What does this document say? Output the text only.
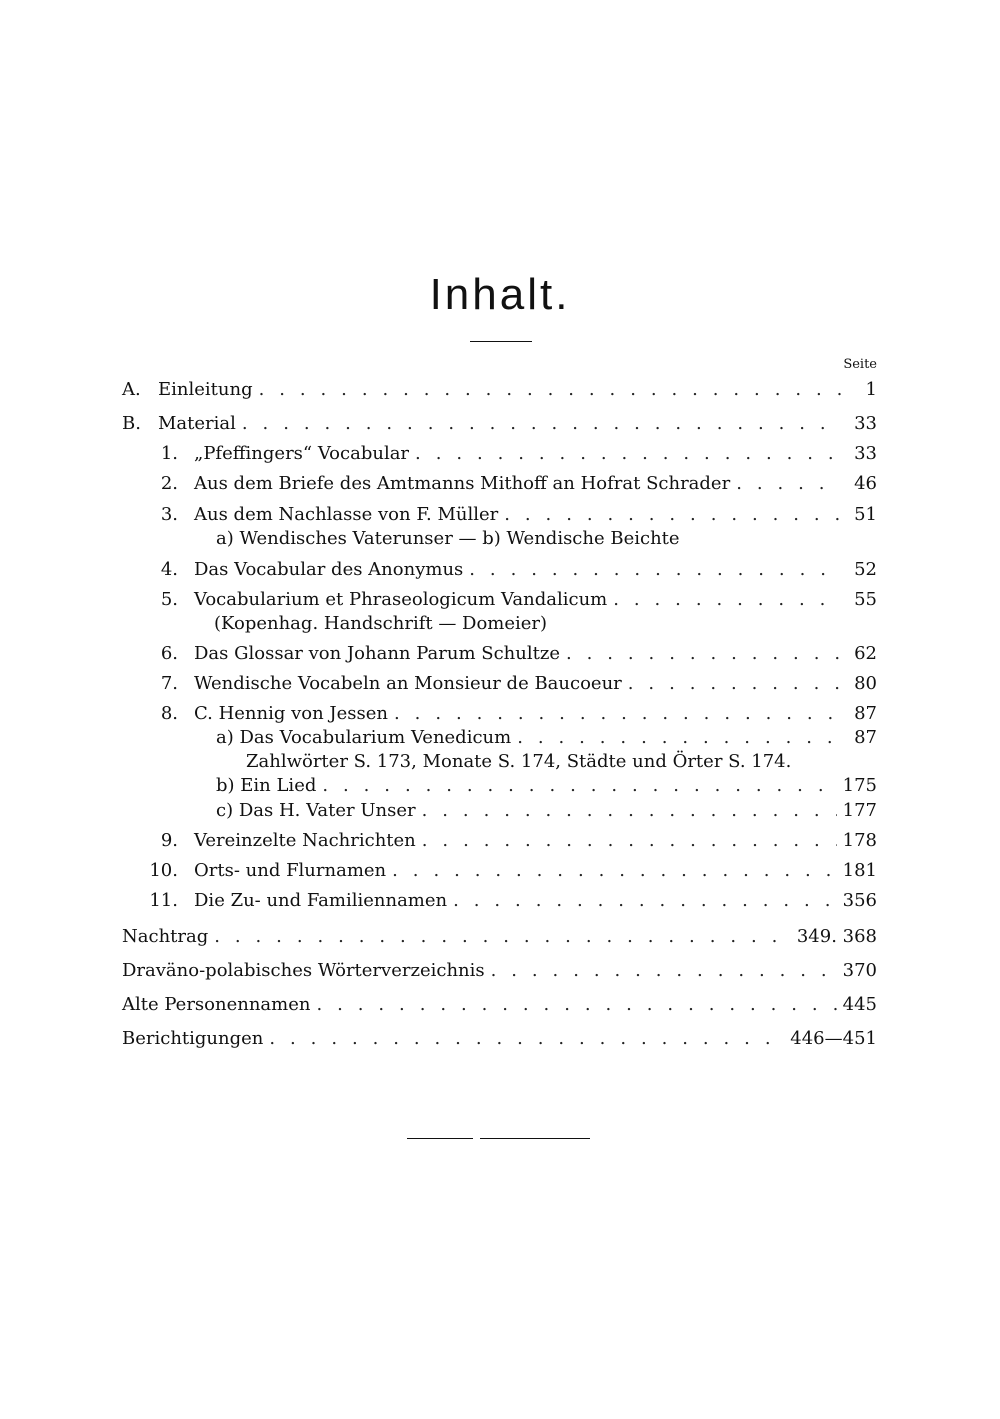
Inhalt.
Seite
A. Einleitung . . .	1
B. Material . . .	33
1. „Pfeffingers“ Vocabular . . .	33
2. Aus dem Briefe des Amtmanns Mithoff an Hofrat Schrader . . .	46
3. Aus dem Nachlasse von F. Müller . . .	51
a) Wendisches Vaterunser — b) Wendische Beichte
4. Das Vocabular des Anonymus . . .	52
5. Vocabularium et Phraseologicum Vandalicum . . .	55
(Kopenhag. Handschrift — Domeier)
6. Das Glossar von Johann Parum Schultze . . .	62
7. Wendische Vocabeln an Monsieur de Baucoeur . . .	80
8. C. Hennig von Jessen . . .	87
a) Das Vocabularium Venedicum . . .	87
Zahlwörter S. 173, Monate S. 174, Städte und Örter S. 174.
b) Ein Lied . . .	175
c) Das H. Vater Unser . . .	177
9. Vereinzelte Nachrichten . . .	178
10. Orts- und Flurnamen . . .	181
11. Die Zu- und Familiennamen . . .	356
Nachtrag . . .	349. 368
Draväno-polabisches Wörterverzeichnis . . .	370
Alte Personennamen . . .	445
Berichtigungen . . .	446—451
